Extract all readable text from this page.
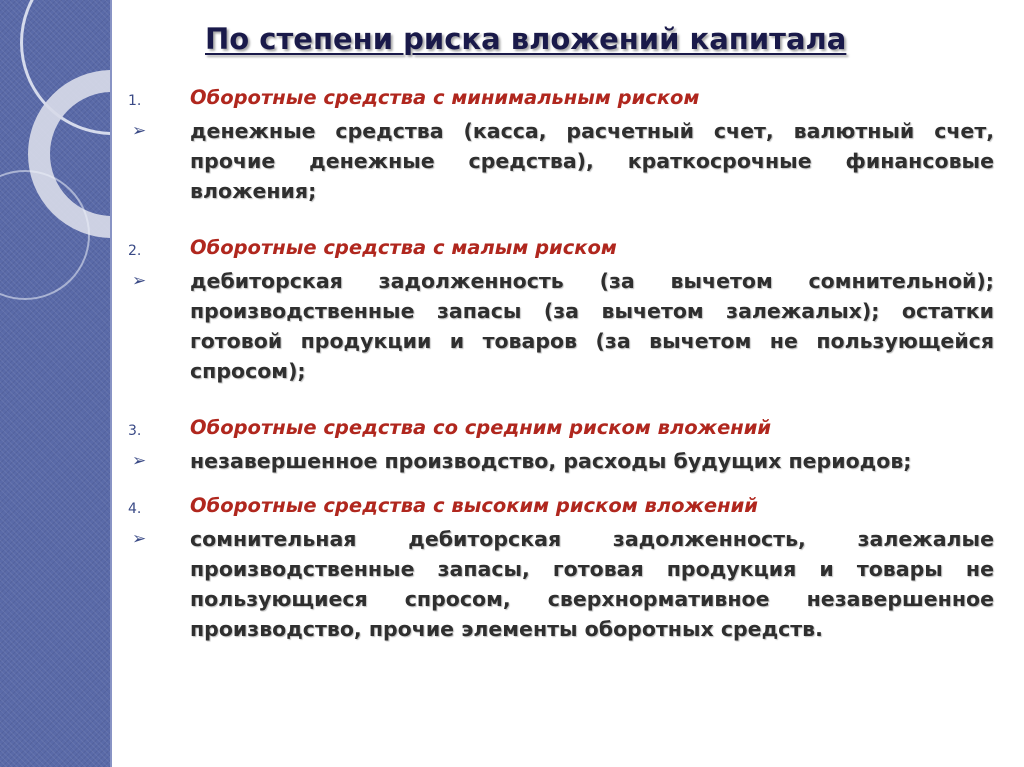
По степени риска вложений капитала
1. Оборотные средства с минимальным риском
➢ денежные средства (касса, расчетный счет, валютный счет, прочие денежные средства), краткосрочные финансовые вложения;
2. Оборотные средства с малым риском
➢ дебиторская задолженность (за вычетом сомнительной); производственные запасы (за вычетом залежалых); остатки готовой продукции и товаров (за вычетом не пользующейся спросом);
3. Оборотные средства со средним риском вложений
➢ незавершенное производство, расходы будущих периодов;
4. Оборотные средства с высоким риском вложений
➢ сомнительная дебиторская задолженность, залежалые производственные запасы, готовая продукция и товары не пользующиеся спросом, сверхнормативное незавершенное производство, прочие элементы оборотных средств.
